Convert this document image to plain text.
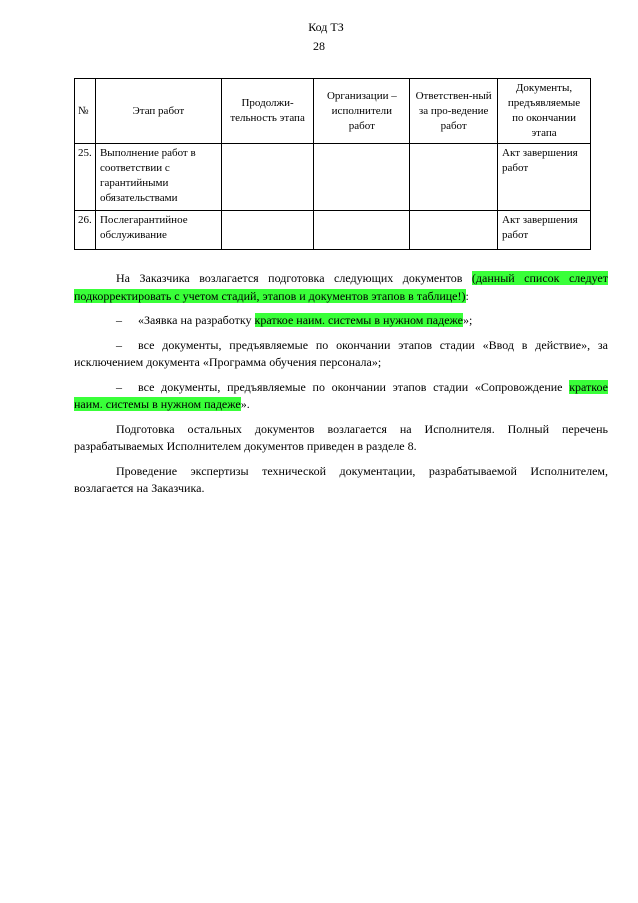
Код ТЗ
28
№	Этап работ	Продолжи-тельность этапа	Организации – исполнители работ	Ответствен-ный за про-ведение работ	Документы, предъявляемые по окончании этапа
25.	Выполнение работ в соответствии с гарантийными обязательствами				Акт завершения работ
26.	Послегарантийное обслуживание				Акт завершения работ

На Заказчика возлагается подготовка следующих документов (данный список следует подкорректировать с учетом стадий, этапов и документов этапов в таблице!):

– «Заявка на разработку краткое наим. системы в нужном падеже»;

– все документы, предъявляемые по окончании этапов стадии «Ввод в действие», за исключением документа «Программа обучения персонала»;

– все документы, предъявляемые по окончании этапов стадии «Сопровождение краткое наим. системы в нужном падеже».

Подготовка остальных документов возлагается на Исполнителя. Полный перечень разрабатываемых Исполнителем документов приведен в разделе 8.

Проведение экспертизы технической документации, разрабатываемой Исполнителем, возлагается на Заказчика.
